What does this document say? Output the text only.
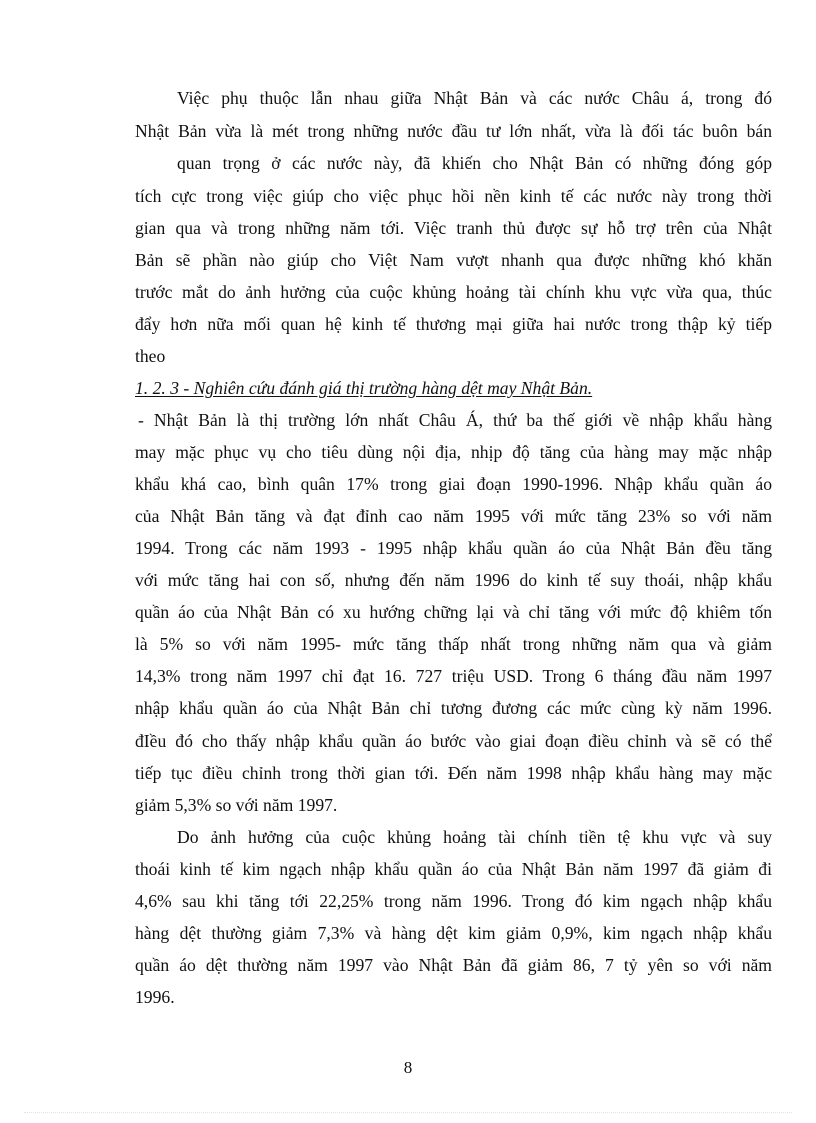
Việc phụ thuộc lẫn nhau giữa Nhật Bản và các nước Châu á, trong đó
Nhật Bản vừa là mét trong những nước đầu tư lớn nhất, vừa là đối tác buôn bán
quan trọng ở các nước này, đã khiến cho Nhật Bản có những đóng góp
tích cực trong việc giúp cho việc phục hồi nền kinh tế các nước này trong thời
gian qua và trong những năm tới. Việc tranh thủ được sự hỗ trợ trên của Nhật
Bản sẽ phần nào giúp cho Việt Nam vượt nhanh qua được những khó khăn
trước mắt do ảnh hưởng của cuộc khủng hoảng tài chính khu vực vừa qua, thúc
đẩy hơn nữa mối quan hệ kinh tế thương mại giữa hai nước trong thập kỷ tiếp
theo
1. 2. 3 - Nghiên cứu đánh giá thị trường hàng dệt may Nhật Bản.
- Nhật Bản là thị trường lớn nhất Châu Á, thứ ba thế giới về nhập khẩu hàng
may mặc phục vụ cho tiêu dùng nội địa, nhịp độ tăng của hàng may mặc nhập
khẩu khá cao, bình quân 17% trong giai đoạn 1990-1996. Nhập khẩu quần áo
của Nhật Bản tăng và đạt đỉnh cao năm 1995 với mức tăng 23% so với năm
1994. Trong các năm 1993 - 1995 nhập khẩu quần áo của Nhật Bản đều tăng
với mức tăng hai con số, nhưng đến năm 1996 do kinh tế suy thoái, nhập khẩu
quần áo của Nhật Bản có xu hướng chững lại và chỉ tăng với mức độ khiêm tốn
là 5% so với năm 1995- mức tăng thấp nhất trong những năm qua và giảm
14,3% trong năm 1997 chỉ đạt 16. 727 triệu USD. Trong 6 tháng đầu năm 1997
nhập khẩu quần áo của Nhật Bản chỉ tương đương các mức cùng kỳ năm 1996.
đIều đó cho thấy nhập khẩu quần áo bước vào giai đoạn điều chỉnh và sẽ có thể
tiếp tục điều chỉnh trong thời gian tới. Đến năm 1998 nhập khẩu hàng may mặc
giảm 5,3% so với năm 1997.
Do ảnh hưởng của cuộc khủng hoảng tài chính tiền tệ khu vực và suy
thoái kinh tế kim ngạch nhập khẩu quần áo của Nhật Bản năm 1997 đã giảm đi
4,6% sau khi tăng tới 22,25% trong năm 1996. Trong đó kim ngạch nhập khẩu
hàng dệt thường giảm 7,3% và hàng dệt kim giảm 0,9%, kim ngạch nhập khẩu
quần áo dệt thường năm 1997 vào Nhật Bản đã giảm 86, 7 tỷ yên so với năm
1996.
8
